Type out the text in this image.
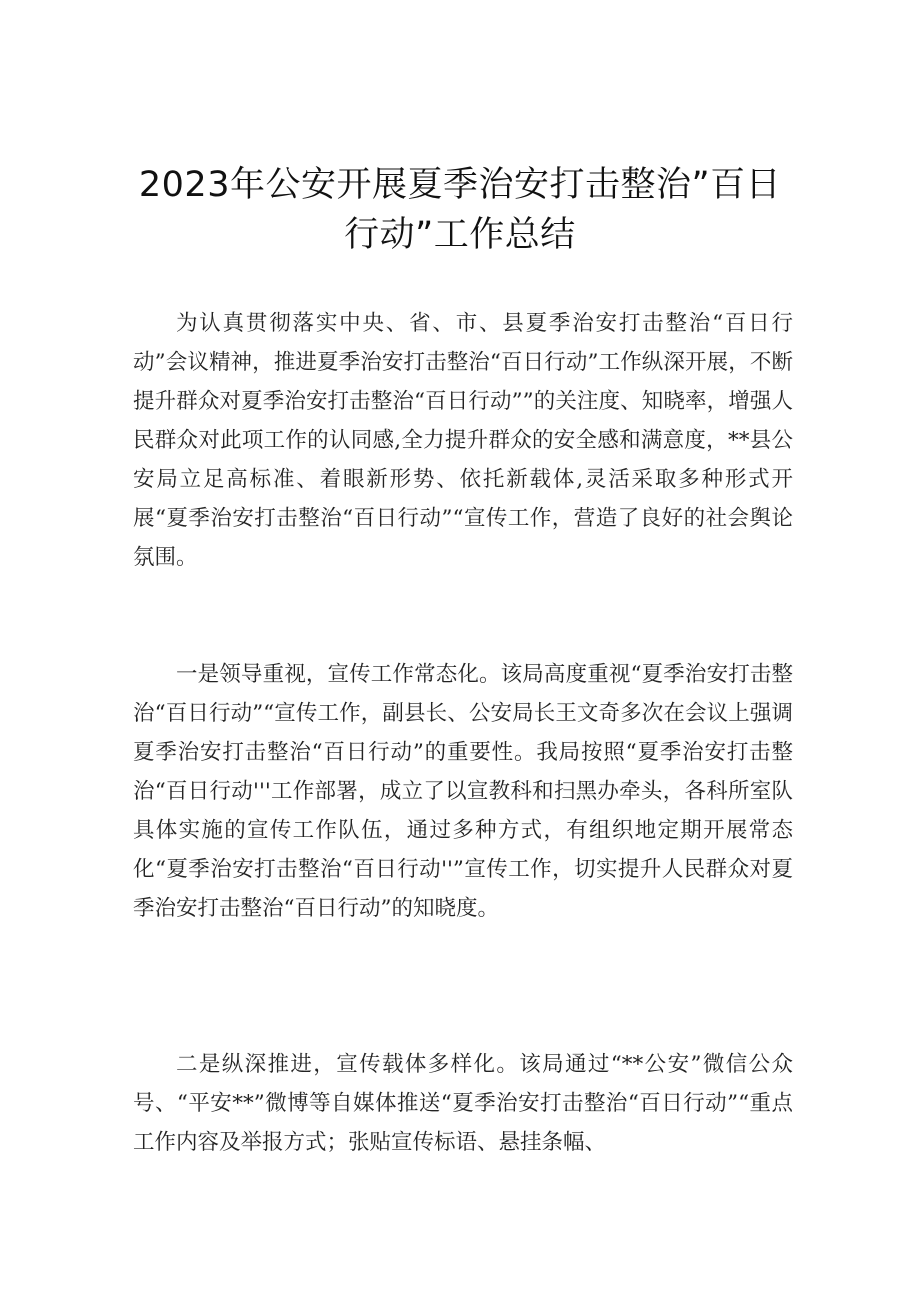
2023年公安开展夏季治安打击整治”百日
行动”工作总结

为认真贯彻落实中央、省、市、县夏季治安打击整治“百日行动”会议精神，推进夏季治安打击整治“百日行动”工作纵深开展，不断提升群众对夏季治安打击整治“百日行动””的关注度、知晓率，增强人民群众对此项工作的认同感,全力提升群众的安全感和满意度，**县公安局立足高标准、着眼新形势、依托新载体,灵活采取多种形式开展“夏季治安打击整治“百日行动”“宣传工作，营造了良好的社会舆论氛围。

一是领导重视，宣传工作常态化。该局高度重视“夏季治安打击整治“百日行动”“宣传工作，副县长、公安局长王文奇多次在会议上强调夏季治安打击整治“百日行动”的重要性。我局按照“夏季治安打击整治“百日行动'''工作部署，成立了以宣教科和扫黑办牵头，各科所室队具体实施的宣传工作队伍，通过多种方式，有组织地定期开展常态化“夏季治安打击整治“百日行动''”宣传工作，切实提升人民群众对夏季治安打击整治“百日行动”的知晓度。

二是纵深推进，宣传载体多样化。该局通过“**公安”微信公众号、“平安**”微博等自媒体推送“夏季治安打击整治“百日行动”“重点工作内容及举报方式；张贴宣传标语、悬挂条幅、
